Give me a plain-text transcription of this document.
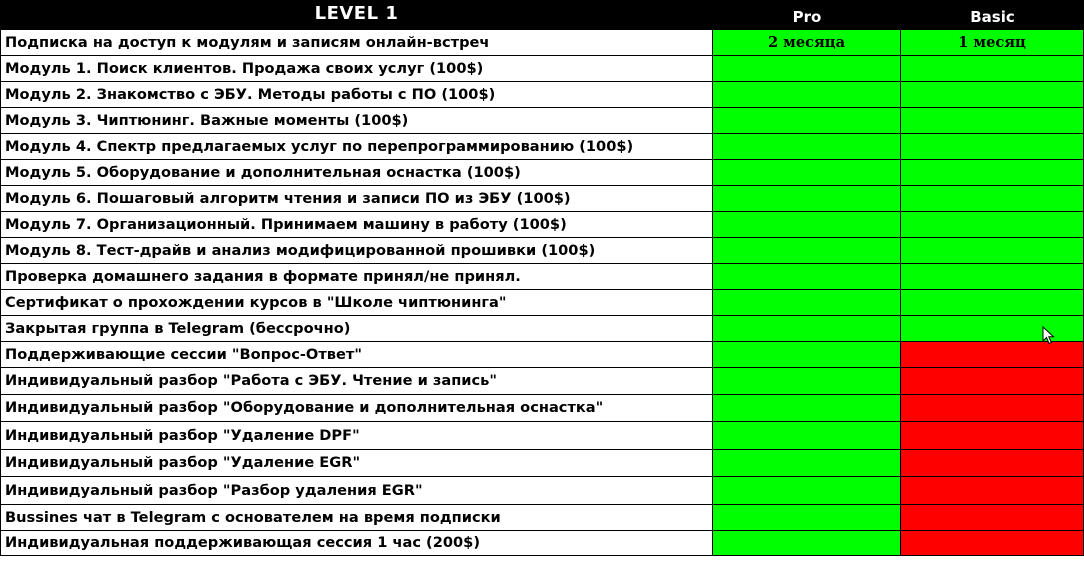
LEVEL 1	Pro	Basic
Подписка на доступ к модулям и записям онлайн-встреч	2 месяца	1 месяц
Модуль 1. Поиск клиентов. Продажа своих услуг (100$)
Модуль 2. Знакомство с ЭБУ. Методы работы с ПО (100$)
Модуль 3. Чиптюнинг. Важные моменты (100$)
Модуль 4. Спектр предлагаемых услуг по перепрограммированию (100$)
Модуль 5. Оборудование и дополнительная оснастка (100$)
Модуль 6. Пошаговый алгоритм чтения и записи ПО из ЭБУ (100$)
Модуль 7. Организационный. Принимаем машину в работу (100$)
Модуль 8. Тест-драйв и анализ модифицированной прошивки (100$)
Проверка домашнего задания в формате принял/не принял.
Сертификат о прохождении курсов в "Школе чиптюнинга"
Закрытая группа в Telegram (бессрочно)
Поддерживающие сессии "Вопрос-Ответ"
Индивидуальный разбор "Работа с ЭБУ. Чтение и запись"
Индивидуальный разбор "Оборудование и дополнительная оснастка"
Индивидуальный разбор "Удаление DPF"
Индивидуальный разбор "Удаление EGR"
Индивидуальный разбор "Разбор удаления EGR"
Bussines чат в Telegram с основателем на время подписки
Индивидуальная поддерживающая сессия 1 час (200$)
